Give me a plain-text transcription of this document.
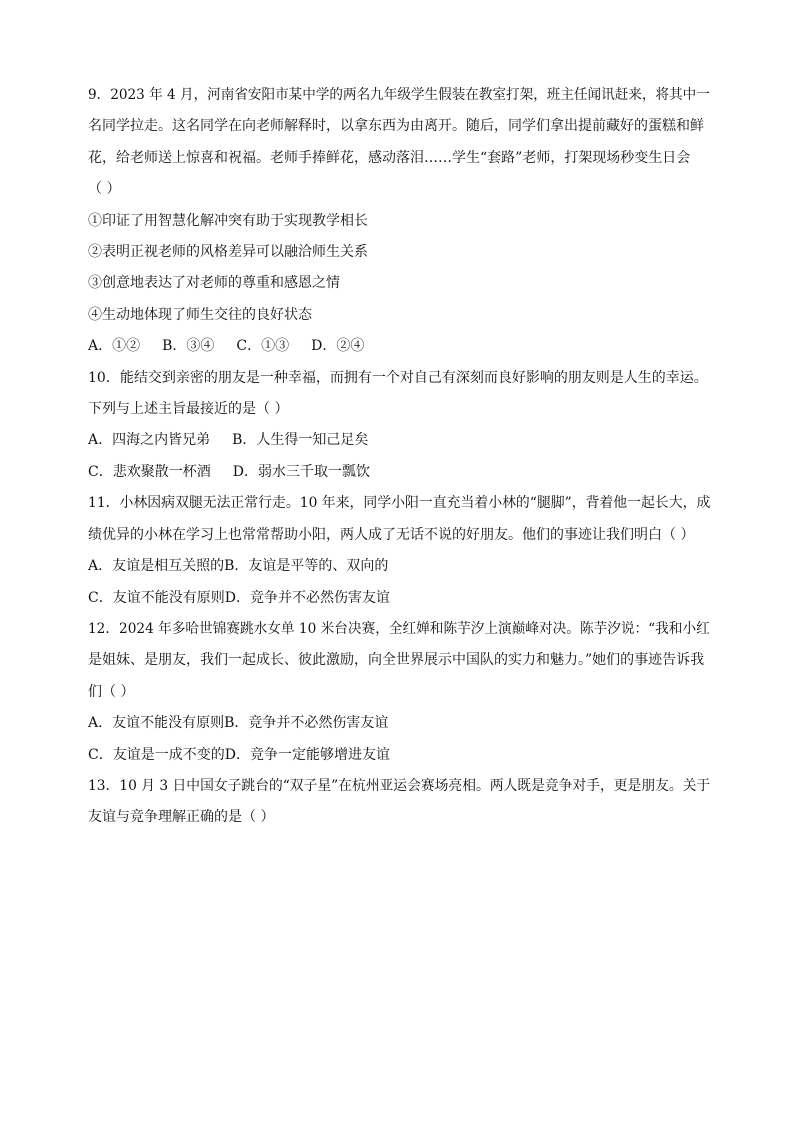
9．2023 年 4 月，河南省安阳市某中学的两名九年级学生假装在教室打架，班主任闻讯赶来，将其中一
名同学拉走。这名同学在向老师解释时，以拿东西为由离开。随后，同学们拿出提前藏好的蛋糕和鲜
花，给老师送上惊喜和祝福。老师手捧鲜花，感动落泪……学生“套路”老师，打架现场秒变生日会
（ ）
①印证了用智慧化解冲突有助于实现教学相长
②表明正视老师的风格差异可以融洽师生关系
③创意地表达了对老师的尊重和感恩之情
④生动地体现了师生交往的良好状态
A．①② B．③④ C．①③ D．②④
10．能结交到亲密的朋友是一种幸福，而拥有一个对自己有深刻而良好影响的朋友则是人生的幸运。
下列与上述主旨最接近的是（ ）
A．四海之内皆兄弟 B．人生得一知己足矣
C．悲欢聚散一杯酒 D．弱水三千取一瓢饮
11．小林因病双腿无法正常行走。10 年来，同学小阳一直充当着小林的“腿脚”，背着他一起长大，成
绩优异的小林在学习上也常常帮助小阳，两人成了无话不说的好朋友。他们的事迹让我们明白（ ）
A．友谊是相互关照的B．友谊是平等的、双向的
C．友谊不能没有原则D．竞争并不必然伤害友谊
12．2024 年多哈世锦赛跳水女单 10 米台决赛，全红婵和陈芋汐上演巅峰对决。陈芋汐说：“我和小红
是姐妹、是朋友，我们一起成长、彼此激励，向全世界展示中国队的实力和魅力。”她们的事迹告诉我
们（ ）
A．友谊不能没有原则B．竞争并不必然伤害友谊
C．友谊是一成不变的D．竞争一定能够增进友谊
13．10 月 3 日中国女子跳台的“双子星”在杭州亚运会赛场亮相。两人既是竞争对手，更是朋友。关于
友谊与竞争理解正确的是（ ）
